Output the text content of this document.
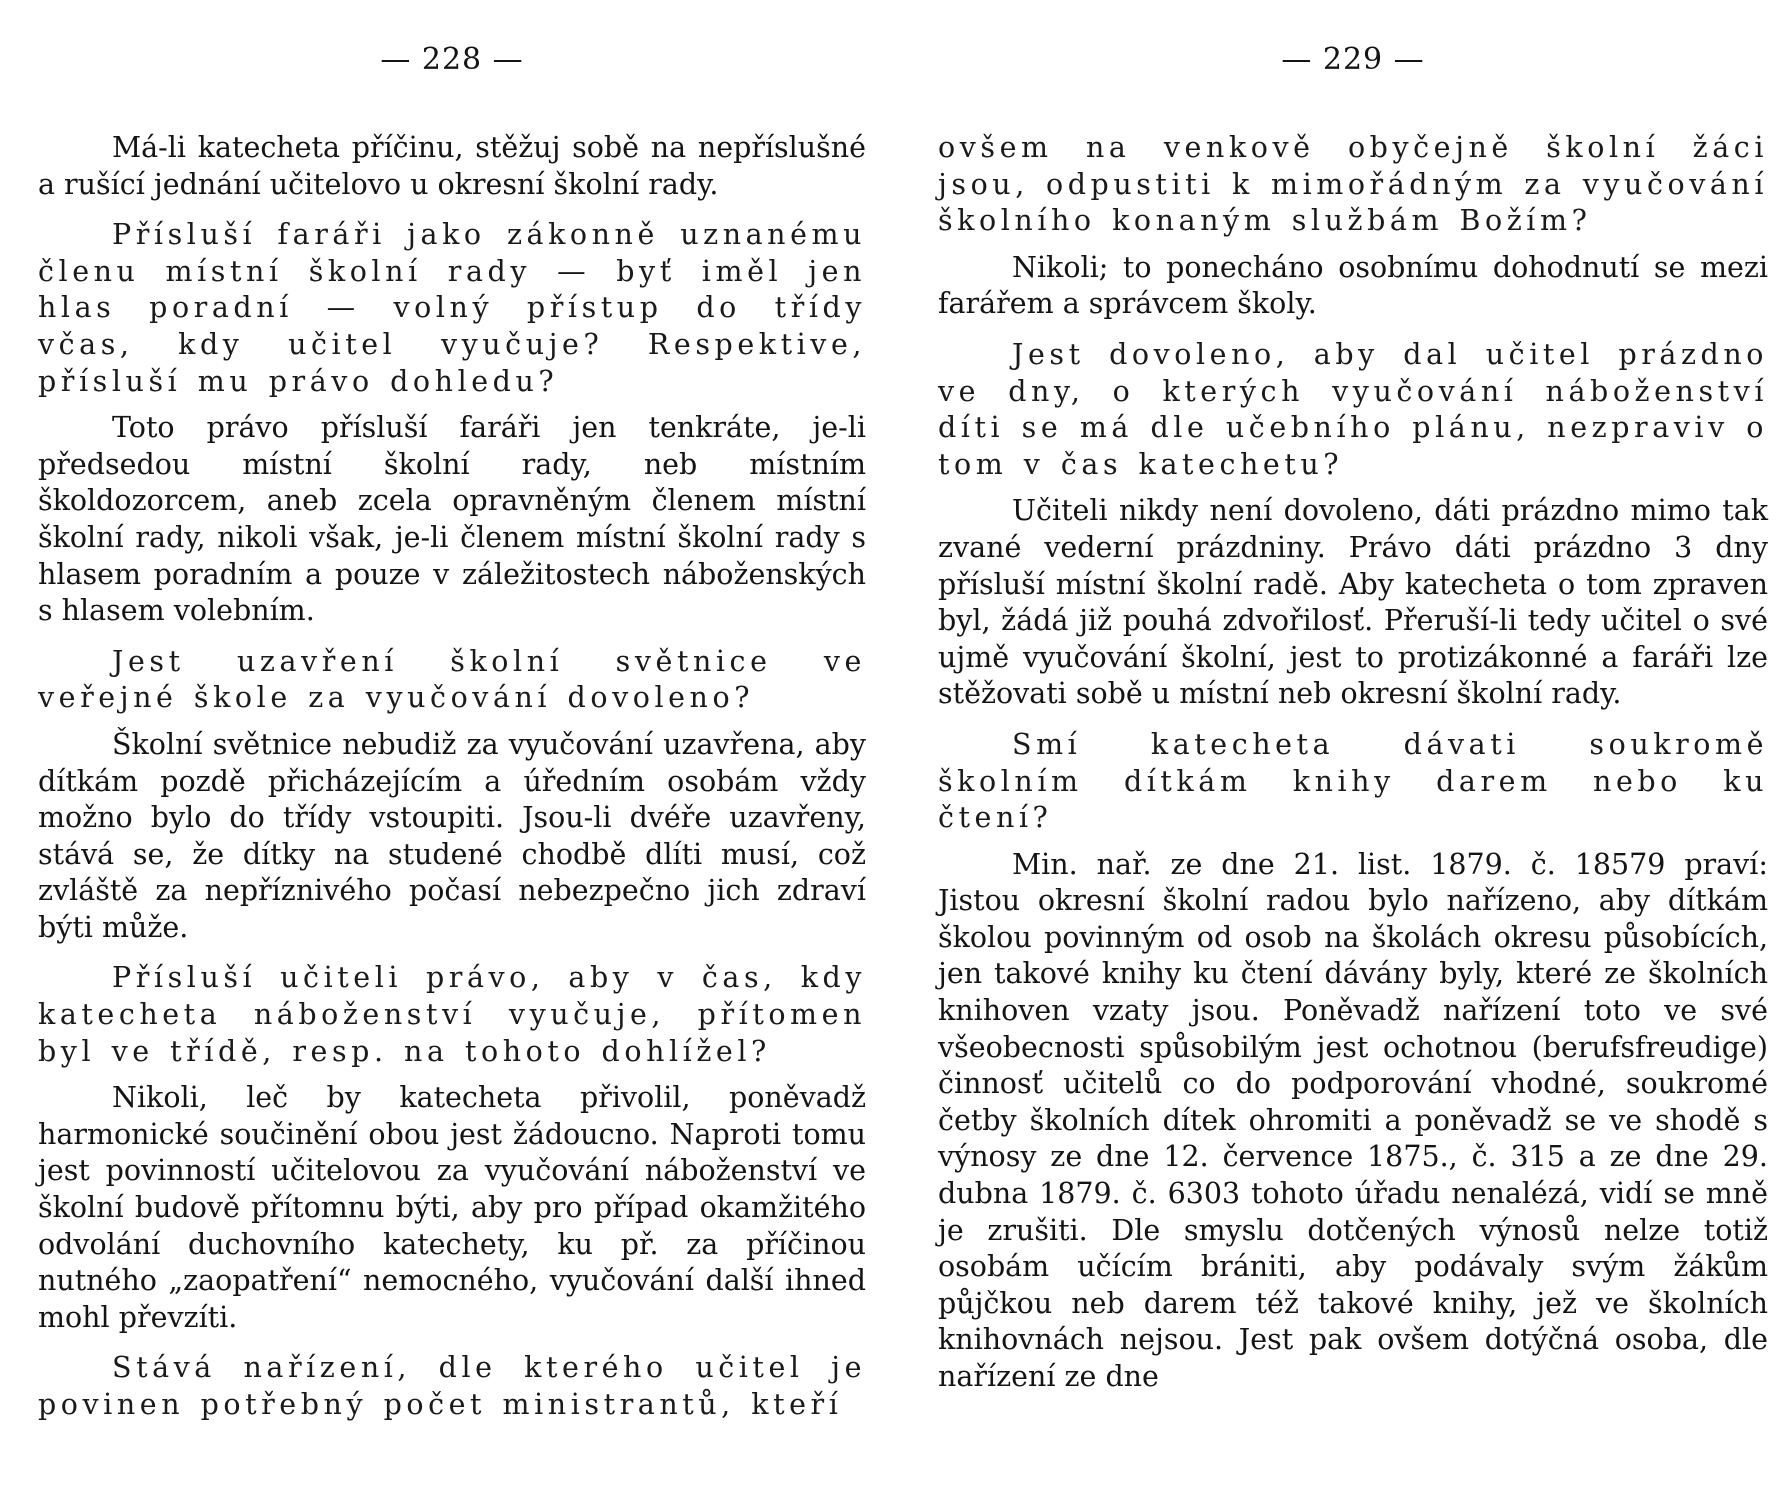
— 228 —

Má-li katecheta příčinu, stěžuj sobě na nepříslušné a rušící jednání učitelovo u okresní školní rady.

Přísluší faráři jako zákonně uznanému členu místní školní rady — byť iměl jen hlas poradní — volný přístup do třídy včas, kdy učitel vyučuje? Respektive, přísluší mu právo dohledu?

Toto právo přísluší faráři jen tenkráte, je-li předsedou místní školní rady, neb místním školdozorcem, aneb zcela opravněným členem místní školní rady, nikoli však, je-li členem místní školní rady s hlasem poradním a pouze v záležitostech náboženských s hlasem volebním.

Jest uzavření školní světnice ve veřejné škole za vyučování dovoleno?

Školní světnice nebudiž za vyučování uzavřena, aby dítkám pozdě přicházejícím a úředním osobám vždy možno bylo do třídy vstoupiti. Jsou-li dvéře uzavřeny, stává se, že dítky na studené chodbě dlíti musí, což zvláště za nepříznivého počasí nebezpečno jich zdraví býti může.

Přísluší učiteli právo, aby v čas, kdy katecheta náboženství vyučuje, přítomen byl ve třídě, resp. na tohoto dohlížel?

Nikoli, leč by katecheta přivolil, poněvadž harmonické součinění obou jest žádoucno. Naproti tomu jest povinností učitelovou za vyučování náboženství ve školní budově přítomnu býti, aby pro případ okamžitého odvolání duchovního katechety, ku př. za příčinou nutného „zaopatření“ nemocného, vyučování další ihned mohl převzíti.

Stává nařízení, dle kterého učitel je povinen potřebný počet ministrantů, kteří

— 229 —

ovšem na venkově obyčejně školní žáci jsou, odpustiti k mimořádným za vyučování školního konaným službám Božím?

Nikoli; to ponecháno osobnímu dohodnutí se mezi farářem a správcem školy.

Jest dovoleno, aby dal učitel prázdno ve dny, o kterých vyučování náboženství díti se má dle učebního plánu, nezpraviv o tom v čas katechetu?

Učiteli nikdy není dovoleno, dáti prázdno mimo tak zvané vederní prázdniny. Právo dáti prázdno 3 dny přísluší místní školní radě. Aby katecheta o tom zpraven byl, žádá již pouhá zdvořilosť. Přeruší-li tedy učitel o své ujmě vyučování školní, jest to protizákonné a faráři lze stěžovati sobě u místní neb okresní školní rady.

Smí katecheta dávati soukromě školním dítkám knihy darem nebo ku čtení?

Min. nař. ze dne 21. list. 1879. č. 18579 praví: Jistou okresní školní radou bylo nařízeno, aby dítkám školou povinným od osob na školách okresu působících, jen takové knihy ku čtení dávány byly, které ze školních knihoven vzaty jsou. Poněvadž nařízení toto ve své všeobecnosti spůsobilým jest ochotnou (berufsfreudige) činnosť učitelů co do podporování vhodné, soukromé četby školních dítek ohromiti a poněvadž se ve shodě s výnosy ze dne 12. července 1875., č. 315 a ze dne 29. dubna 1879. č. 6303 tohoto úřadu nenalézá, vidí se mně je zrušiti. Dle smyslu dotčených výnosů nelze totiž osobám učícím brániti, aby podávaly svým žákům půjčkou neb darem též takové knihy, jež ve školních knihovnách nejsou. Jest pak ovšem dotýčná osoba, dle nařízení ze dne
